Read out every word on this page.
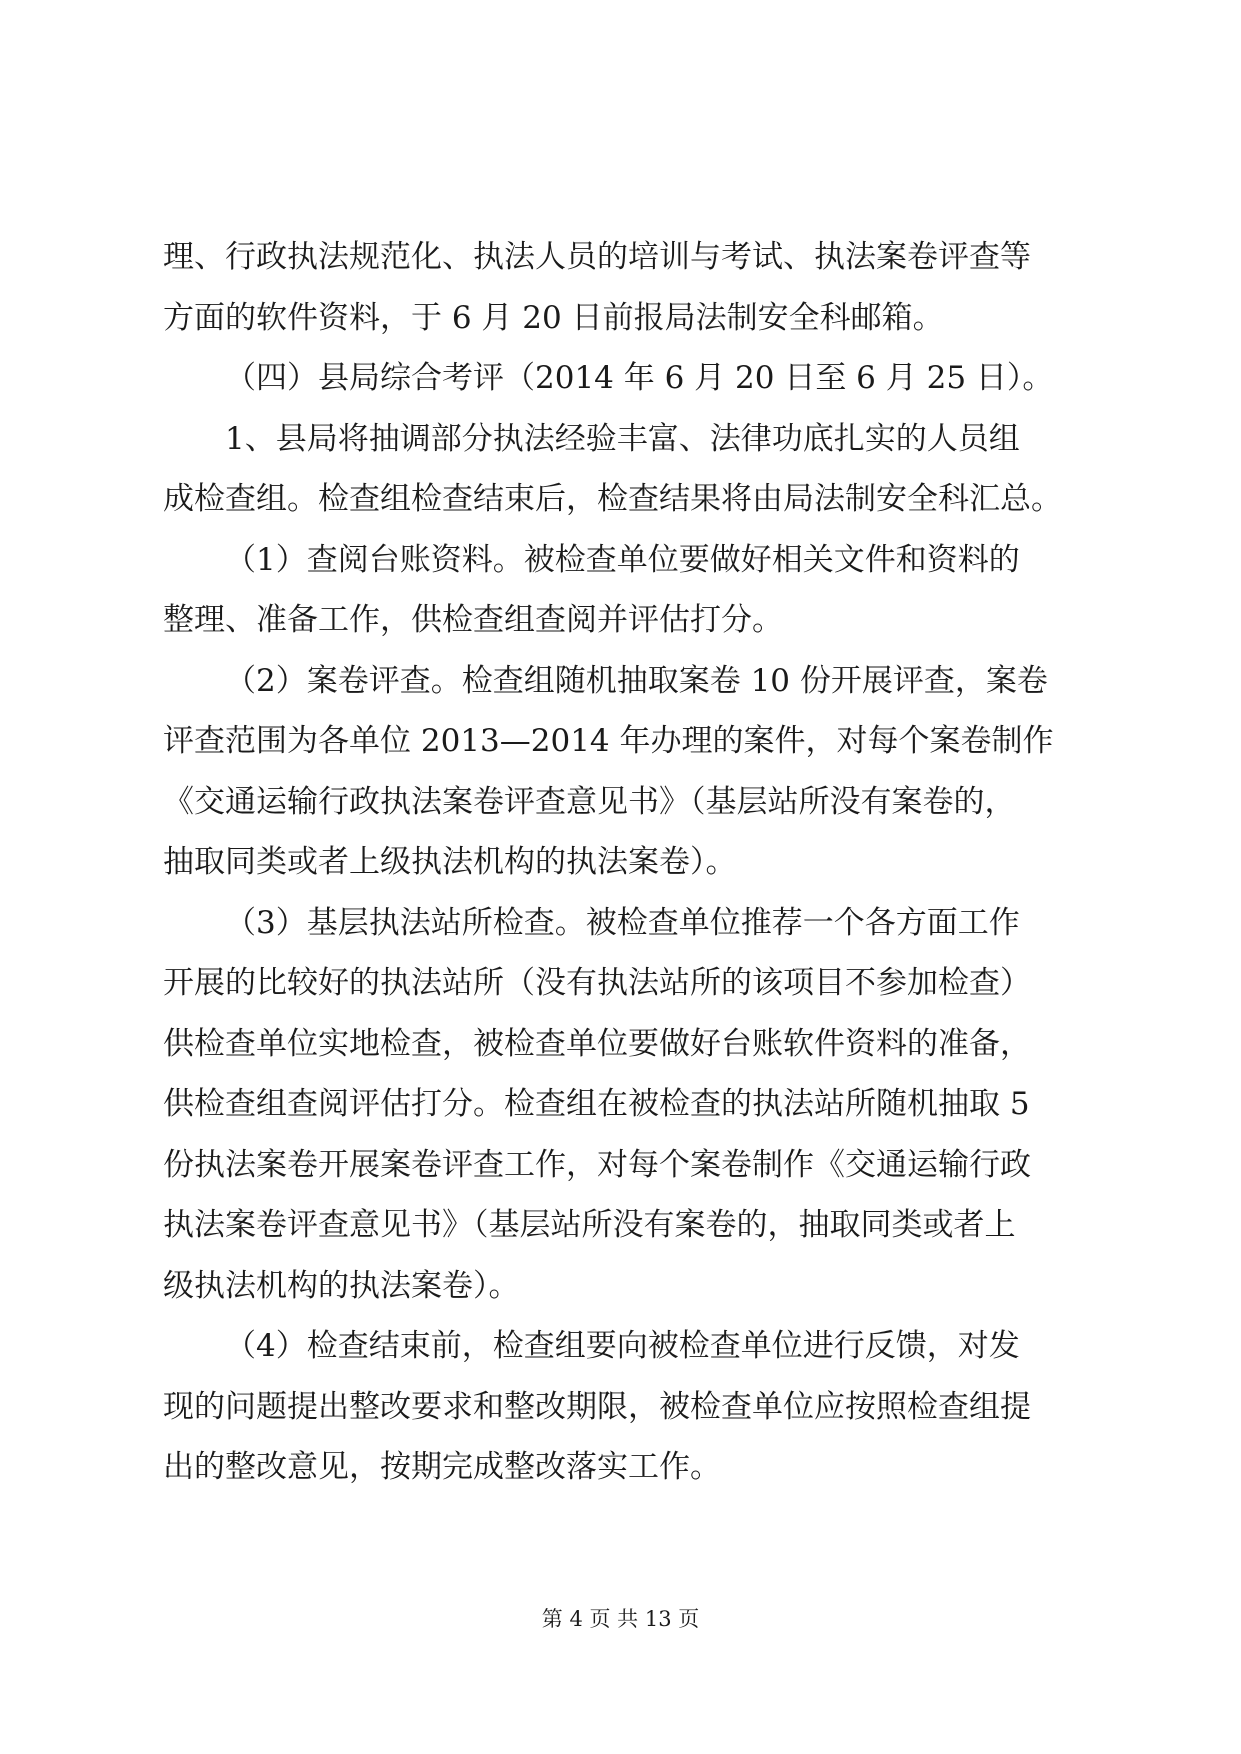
理、行政执法规范化、执法人员的培训与考试、执法案卷评查等
方面的软件资料，于 6 月 20 日前报局法制安全科邮箱。
（四）县局综合考评（2014 年 6 月 20 日至 6 月 25 日）。
1、县局将抽调部分执法经验丰富、法律功底扎实的人员组
成检查组。检查组检查结束后，检查结果将由局法制安全科汇总。
（1）查阅台账资料。被检查单位要做好相关文件和资料的
整理、准备工作，供检查组查阅并评估打分。
（2）案卷评查。检查组随机抽取案卷 10 份开展评查，案卷
评查范围为各单位 2013—2014 年办理的案件，对每个案卷制作
《交通运输行政执法案卷评查意见书》（基层站所没有案卷的，
抽取同类或者上级执法机构的执法案卷）。
（3）基层执法站所检查。被检查单位推荐一个各方面工作
开展的比较好的执法站所（没有执法站所的该项目不参加检查）
供检查单位实地检查，被检查单位要做好台账软件资料的准备，
供检查组查阅评估打分。检查组在被检查的执法站所随机抽取 5
份执法案卷开展案卷评查工作，对每个案卷制作《交通运输行政
执法案卷评查意见书》（基层站所没有案卷的，抽取同类或者上
级执法机构的执法案卷）。
（4）检查结束前，检查组要向被检查单位进行反馈，对发
现的问题提出整改要求和整改期限，被检查单位应按照检查组提
出的整改意见，按期完成整改落实工作。
第 4 页 共 13 页
